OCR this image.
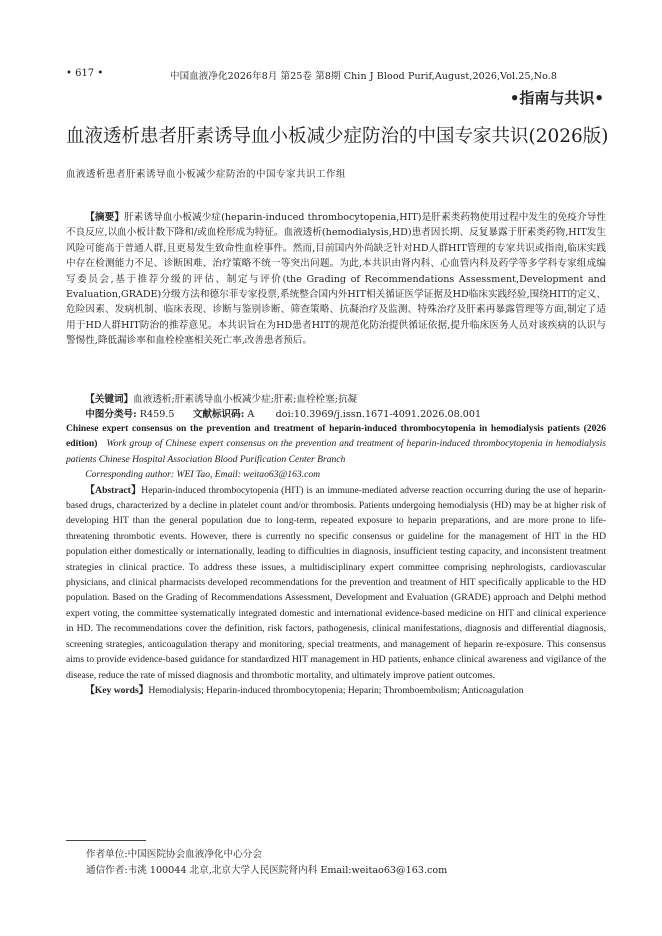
• 617 •	中国血液净化2026年8月 第25卷 第8期 Chin J Blood Purif,August,2026,Vol.25,No.8
•指南与共识•
血液透析患者肝素诱导血小板减少症防治的中国专家共识(2026版)
血液透析患者肝素诱导血小板减少症防治的中国专家共识工作组

【摘要】肝素诱导血小板减少症(heparin-induced thrombocytopenia,HIT)是肝素类药物使用过程中发生的免疫介导性不良反应,以血小板计数下降和/或血栓形成为特征。血液透析(hemodialysis,HD)患者因长期、反复暴露于肝素类药物,HIT发生风险可能高于普通人群,且更易发生致命性血栓事件。然而,目前国内外尚缺乏针对HD人群HIT管理的专家共识或指南,临床实践中存在检测能力不足、诊断困难、治疗策略不统一等突出问题。为此,本共识由肾内科、心血管内科及药学等多学科专家组成编写委员会,基于推荐分级的评估、制定与评价(the Grading of Recommendations Assessment,Development and Evaluation,GRADE)分级方法和德尔菲专家投票,系统整合国内外HIT相关循证医学证据及HD临床实践经验,围绕HIT的定义、危险因素、发病机制、临床表现、诊断与鉴别诊断、筛查策略、抗凝治疗及监测、特殊治疗及肝素再暴露管理等方面,制定了适用于HD人群HIT防治的推荐意见。本共识旨在为HD患者HIT的规范化防治提供循证依据,提升临床医务人员对该疾病的认识与警惕性,降低漏诊率和血栓栓塞相关死亡率,改善患者预后。

【关键词】血液透析;肝素诱导血小板减少症;肝素;血栓栓塞;抗凝
中图分类号: R459.5 文献标识码: A doi:10.3969/j.issn.1671-4091.2026.08.001

Chinese expert consensus on the prevention and treatment of heparin-induced thrombocytopenia in hemodialysis patients (2026 edition) Work group of Chinese expert consensus on the prevention and treatment of heparin-induced thrombocytopenia in hemodialysis patients Chinese Hospital Association Blood Purification Center Branch

Corresponding author: WEI Tao, Email: weitao63@163.com

【Abstract】Heparin-induced thrombocytopenia (HIT) is an immune-mediated adverse reaction occurring during the use of heparin-based drugs, characterized by a decline in platelet count and/or thrombosis. Patients undergoing hemodialysis (HD) may be at higher risk of developing HIT than the general population due to long-term, repeated exposure to heparin preparations, and are more prone to life-threatening thrombotic events. However, there is currently no specific consensus or guideline for the management of HIT in the HD population either domestically or internationally, leading to difficulties in diagnosis, insufficient testing capacity, and inconsistent treatment strategies in clinical practice. To address these issues, a multidisciplinary expert committee comprising nephrologists, cardiovascular physicians, and clinical pharmacists developed recommendations for the prevention and treatment of HIT specifically applicable to the HD population. Based on the Grading of Recommendations Assessment, Development and Evaluation (GRADE) approach and Delphi method expert voting, the committee systematically integrated domestic and international evidence-based medicine on HIT and clinical experience in HD. The recommendations cover the definition, risk factors, pathogenesis, clinical manifestations, diagnosis and differential diagnosis, screening strategies, anticoagulation therapy and monitoring, special treatments, and management of heparin re-exposure. This consensus aims to provide evidence-based guidance for standardized HIT management in HD patients, enhance clinical awareness and vigilance of the disease, reduce the rate of missed diagnosis and thrombotic mortality, and ultimately improve patient outcomes.

【Key words】Hemodialysis; Heparin-induced thrombocytopenia; Heparin; Thromboembolism; Anticoagulation

作者单位:中国医院协会血液净化中心分会
通信作者:韦洮 100044 北京,北京大学人民医院肾内科 Email:weitao63@163.com
